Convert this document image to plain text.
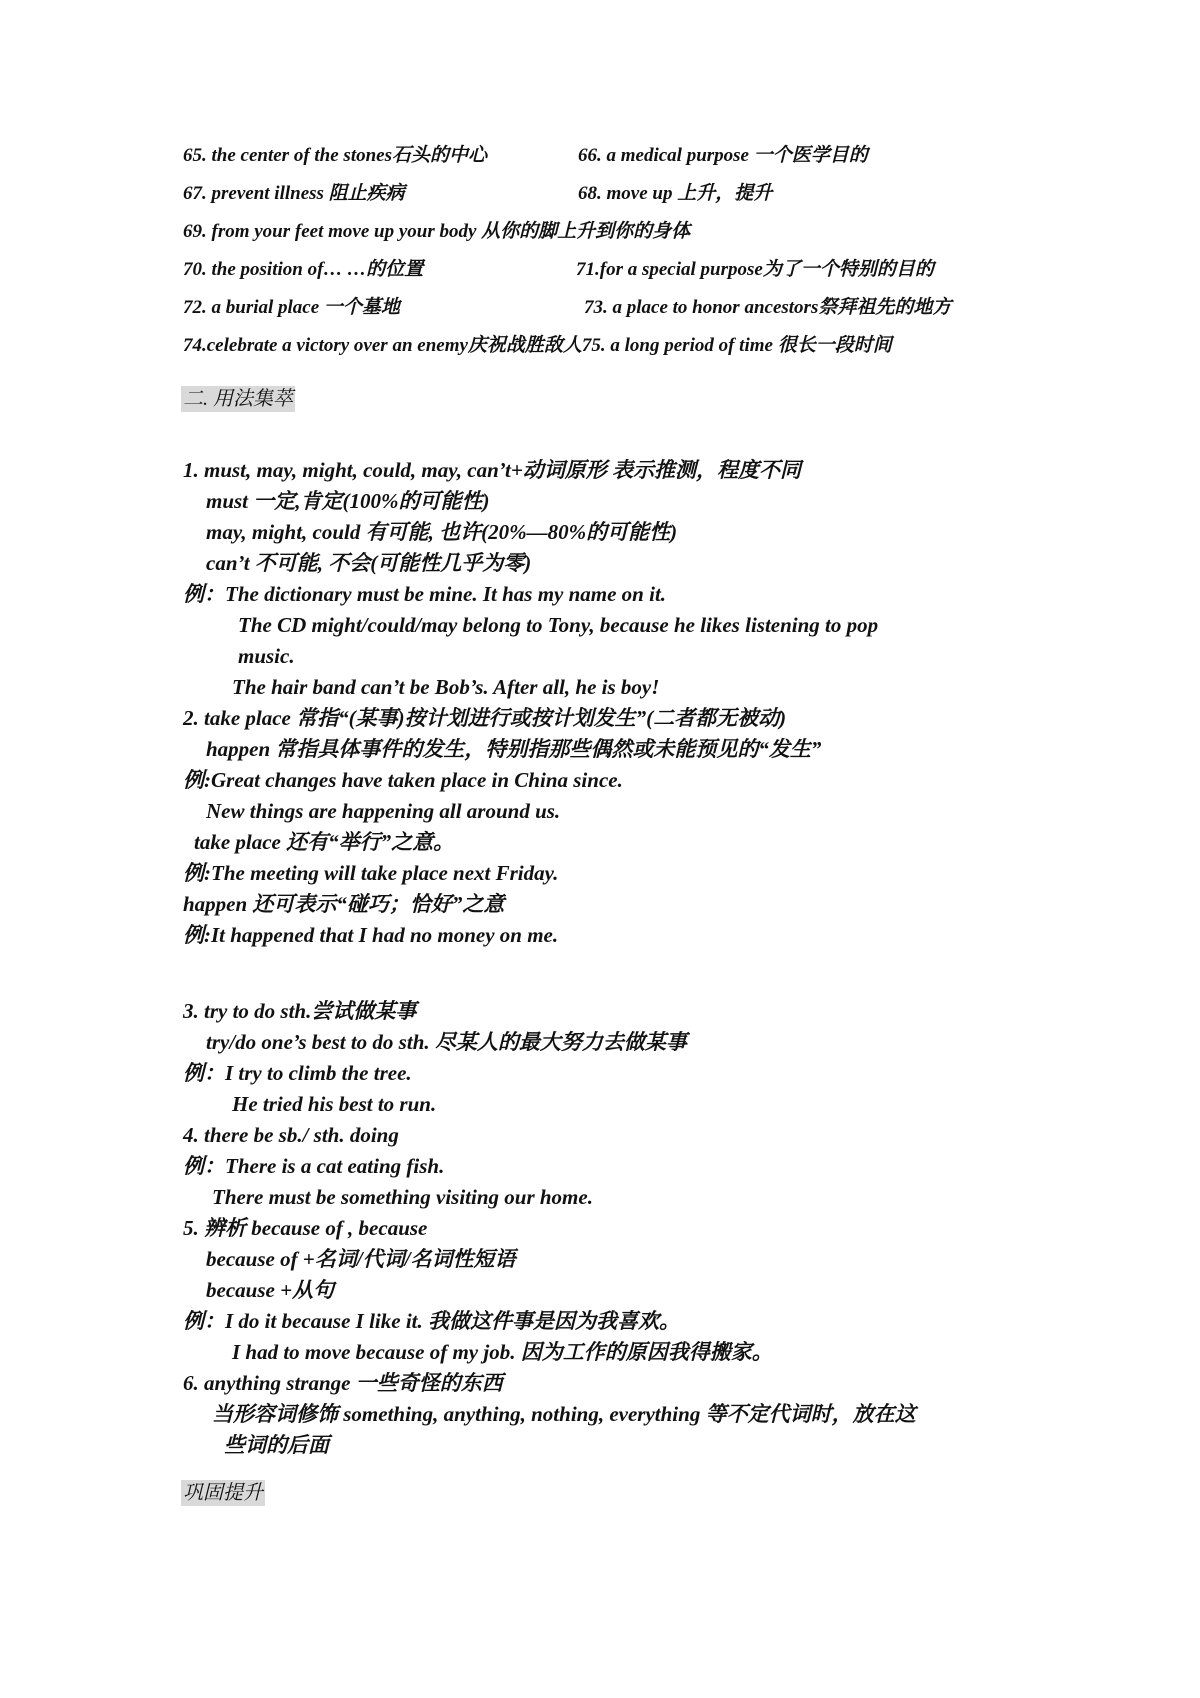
65. the center of the stones石头的中心	66. a medical purpose 一个医学目的
67. prevent illness 阻止疾病	68. move up 上升，提升
69. from your feet move up your body 从你的脚上升到你的身体
70. the position of… …的位置	71.for a special purpose为了一个特别的目的
72. a burial place 一个墓地	73. a place to honor ancestors祭拜祖先的地方
74.celebrate a victory over an enemy庆祝战胜敌人75. a long period of time 很长一段时间
二. 用法集萃
1. must, may, might, could, may, can’t+动词原形 表示推测，程度不同
must 一定,肯定(100%的可能性)
may, might, could 有可能, 也许(20%—80%的可能性)
can’t 不可能, 不会(可能性几乎为零)
例：The dictionary must be mine. It has my name on it.
The CD might/could/may belong to Tony, because he likes listening to pop
music.
The hair band can’t be Bob’s. After all, he is boy!
2. take place 常指“(某事)按计划进行或按计划发生”(二者都无被动)
happen 常指具体事件的发生，特别指那些偶然或未能预见的“发生”
例:Great changes have taken place in China since.
New things are happening all around us.
take place 还有“举行”之意。
例:The meeting will take place next Friday.
happen 还可表示“碰巧；恰好”之意
例:It happened that I had no money on me.
3. try to do sth.尝试做某事
try/do one’s best to do sth. 尽某人的最大努力去做某事
例：I try to climb the tree.
He tried his best to run.
4. there be sb./ sth. doing
例：There is a cat eating fish.
There must be something visiting our home.
5. 辨析 because of , because
because of +名词/代词/名词性短语
because +从句
例：I do it because I like it. 我做这件事是因为我喜欢。
I had to move because of my job. 因为工作的原因我得搬家。
6. anything strange 一些奇怪的东西
当形容词修饰 something, anything, nothing, everything 等不定代词时，放在这
些词的后面
巩固提升
